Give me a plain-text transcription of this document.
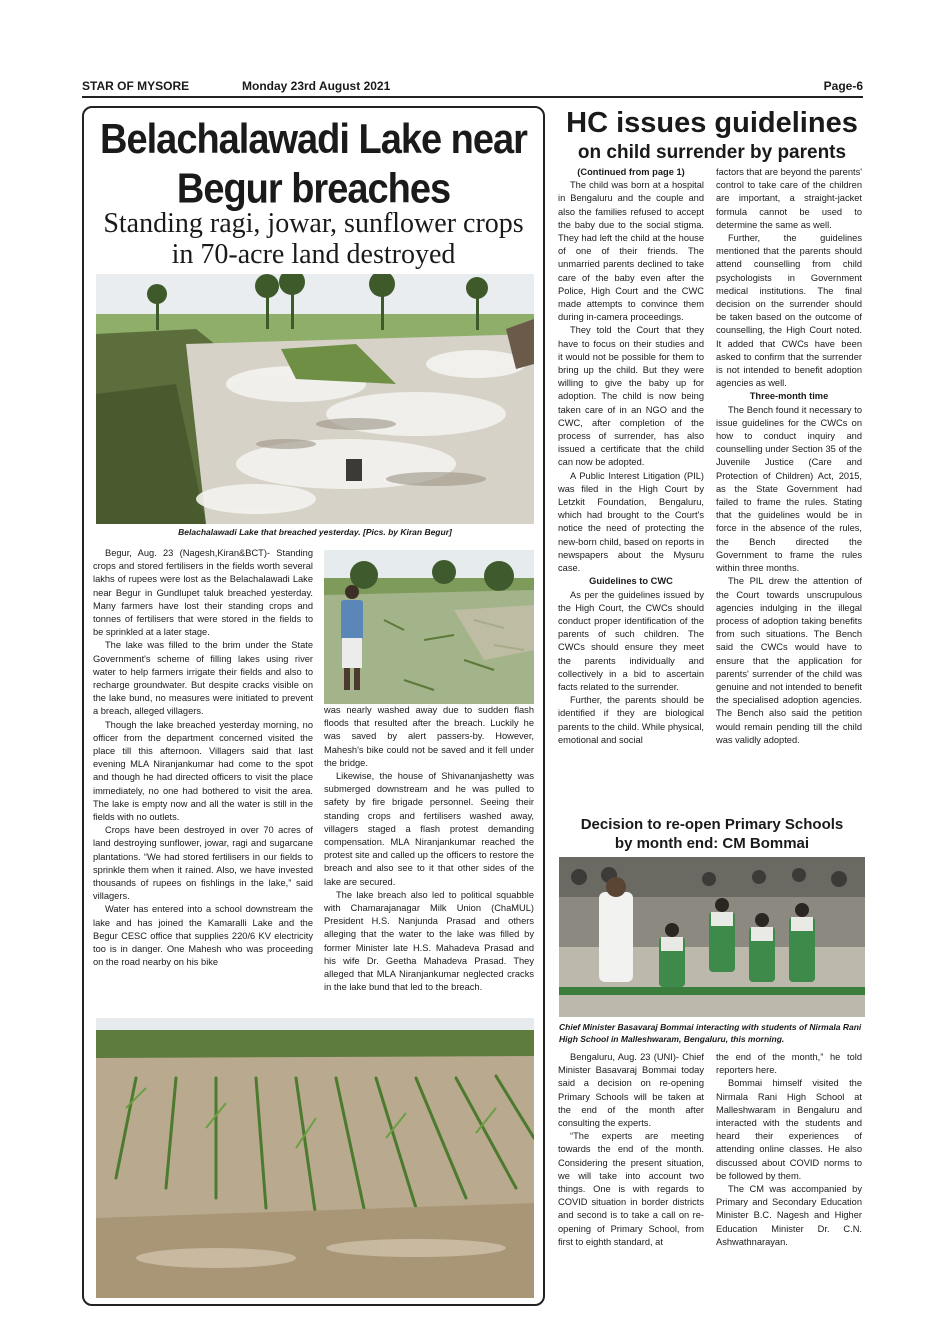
STAR OF MYSORE	Monday 23rd August 2021	Page-6
Belachalawadi Lake near
Begur breaches
Standing ragi, jowar, sunflower crops
in 70-acre land destroyed
Belachalawadi Lake that breached yesterday. [Pics. by Kiran Begur]

Begur, Aug. 23 (Nagesh,Kiran&BCT)- Standing crops and stored fertilisers in the fields worth several lakhs of rupees were lost as the Belachalawadi Lake near Begur in Gundlupet taluk breached yesterday. Many farmers have lost their standing crops and tonnes of fertilisers that were stored in the fields to be sprinkled at a later stage.

The lake was filled to the brim under the State Government's scheme of filling lakes using river water to help farmers irrigate their fields and also to recharge groundwater. But despite cracks visible on the lake bund, no measures were initiated to prevent a breach, alleged villagers.

Though the lake breached yesterday morning, no officer from the department concerned visited the place till this afternoon. Villagers said that last evening MLA Niranjankumar had come to the spot and though he had directed officers to visit the place immediately, no one had bothered to visit the area. The lake is empty now and all the water is still in the fields with no outlets.

Crops have been destroyed in over 70 acres of land destroying sunflower, jowar, ragi and sugarcane plantations. “We had stored fertilisers in our fields to sprinkle them when it rained. Also, we have invested thousands of rupees on fishlings in the lake,” said villagers.

Water has entered into a school downstream the lake and has joined the Kamaralli Lake and the Begur CESC office that supplies 220/6 KV electricity too is in danger. One Mahesh who was proceeding on the road nearby on his bike

was nearly washed away due to sudden flash floods that resulted after the breach. Luckily he was saved by alert passers-by. However, Mahesh's bike could not be saved and it fell under the bridge.

Likewise, the house of Shivananjashetty was submerged downstream and he was pulled to safety by fire brigade personnel. Seeing their standing crops and fertilisers washed away, villagers staged a flash protest demanding compensation. MLA Niranjankumar reached the protest site and called up the officers to restore the breach and also see to it that other sides of the lake are secured.

The lake breach also led to political squabble with Chamarajanagar Milk Union (ChaMUL) President H.S. Nanjunda Prasad and others alleging that the water to the lake was filled by former Minister late H.S. Mahadeva Prasad and his wife Dr. Geetha Mahadeva Prasad. They alleged that MLA Niranjankumar neglected cracks in the lake bund that led to the breach.

HC issues guidelines
on child surrender by parents

(Continued from page 1)

The child was born at a hospital in Bengaluru and the couple and also the families refused to accept the baby due to the social stigma. They had left the child at the house of one of their friends. The unmarried parents declined to take care of the baby even after the Police, High Court and the CWC made attempts to convince them during in-camera proceedings.

They told the Court that they have to focus on their studies and it would not be possible for them to bring up the child. But they were willing to give the baby up for adoption. The child is now being taken care of in an NGO and the CWC, after completion of the process of surrender, has also issued a certificate that the child can now be adopted.

A Public Interest Litigation (PIL) was filed in the High Court by Letzkit Foundation, Bengaluru, which had brought to the Court's notice the need of protecting the new-born child, based on reports in newspapers about the Mysuru case.

Guidelines to CWC

As per the guidelines issued by the High Court, the CWCs should conduct proper identification of the parents of such children. The CWCs should ensure they meet the parents individually and collectively in a bid to ascertain facts related to the surrender.

Further, the parents should be identified if they are biological parents to the child. While physical, emotional and social

factors that are beyond the parents' control to take care of the children are important, a straight-jacket formula cannot be used to determine the same as well.

Further, the guidelines mentioned that the parents should attend counselling from child psychologists in Government medical institutions. The final decision on the surrender should be taken based on the outcome of counselling, the High Court noted. It added that CWCs have been asked to confirm that the surrender is not intended to benefit adoption agencies as well.

Three-month time

The Bench found it necessary to issue guidelines for the CWCs on how to conduct inquiry and counselling under Section 35 of the Juvenile Justice (Care and Protection of Children) Act, 2015, as the State Government had failed to frame the rules. Stating that the guidelines would be in force in the absence of the rules, the Bench directed the Government to frame the rules within three months.

The PIL drew the attention of the Court towards unscrupulous agencies indulging in the illegal process of adoption taking benefits from such situations. The Bench said the CWCs would have to ensure that the application for parents' surrender of the child was genuine and not intended to benefit the specialised adoption agencies. The Bench also said the petition would remain pending till the child was validly adopted.

Decision to re-open Primary Schools
by month end: CM Bommai
Chief Minister Basavaraj Bommai interacting with students of Nirmala Rani High School in Malleshwaram, Bengaluru, this morning.

Bengaluru, Aug. 23 (UNI)- Chief Minister Basavaraj Bommai today said a decision on re-opening Primary Schools will be taken at the end of the month after consulting the experts.

“The experts are meeting towards the end of the month. Considering the present situation, we will take into account two things. One is with regards to COVID situation in border districts and second is to take a call on re-opening of Primary School, from first to eighth standard, at

the end of the month,” he told reporters here.

Bommai himself visited the Nirmala Rani High School at Malleshwaram in Bengaluru and interacted with the students and heard their experiences of attending online classes. He also discussed about COVID norms to be followed by them.

The CM was accompanied by Primary and Secondary Education Minister B.C. Nagesh and Higher Education Minister Dr. C.N. Ashwathnarayan.
